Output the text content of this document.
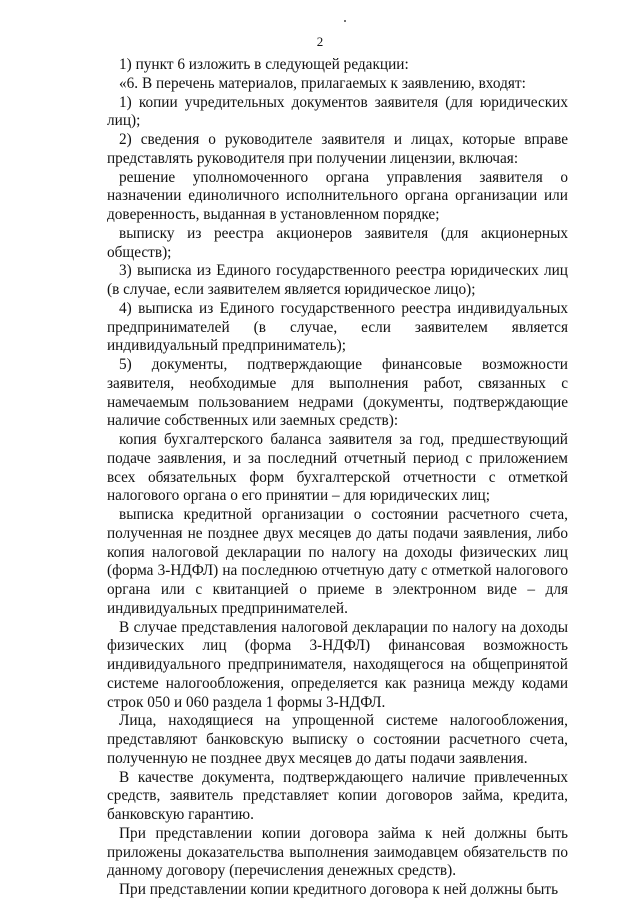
2

1) пункт 6 изложить в следующей редакции:

«6. В перечень материалов, прилагаемых к заявлению, входят:

1) копии учредительных документов заявителя (для юридических лиц);

2) сведения о руководителе заявителя и лицах, которые вправе представлять руководителя при получении лицензии, включая:

решение уполномоченного органа управления заявителя о назначении единоличного исполнительного органа организации или доверенность, выданная в установленном порядке;

выписку из реестра акционеров заявителя (для акционерных обществ);

3) выписка из Единого государственного реестра юридических лиц (в случае, если заявителем является юридическое лицо);

4) выписка из Единого государственного реестра индивидуальных предпринимателей (в случае, если заявителем является индивидуальный предприниматель);

5) документы, подтверждающие финансовые возможности заявителя, необходимые для выполнения работ, связанных с намечаемым пользованием недрами (документы, подтверждающие наличие собственных или заемных средств):

копия бухгалтерского баланса заявителя за год, предшествующий подаче заявления, и за последний отчетный период с приложением всех обязательных форм бухгалтерской отчетности с отметкой налогового органа о его принятии – для юридических лиц;

выписка кредитной организации о состоянии расчетного счета, полученная не позднее двух месяцев до даты подачи заявления, либо копия налоговой декларации по налогу на доходы физических лиц (форма 3-НДФЛ) на последнюю отчетную дату с отметкой налогового органа или с квитанцией о приеме в электронном виде – для индивидуальных предпринимателей.

В случае представления налоговой декларации по налогу на доходы физических лиц (форма 3-НДФЛ) финансовая возможность индивидуального предпринимателя, находящегося на общепринятой системе налогообложения, определяется как разница между кодами строк 050 и 060 раздела 1 формы 3-НДФЛ.

Лица, находящиеся на упрощенной системе налогообложения, представляют банковскую выписку о состоянии расчетного счета, полученную не позднее двух месяцев до даты подачи заявления.

В качестве документа, подтверждающего наличие привлеченных средств, заявитель представляет копии договоров займа, кредита, банковскую гарантию.

При представлении копии договора займа к ней должны быть приложены доказательства выполнения заимодавцем обязательств по данному договору (перечисления денежных средств).

При представлении копии кредитного договора к ней должны быть
